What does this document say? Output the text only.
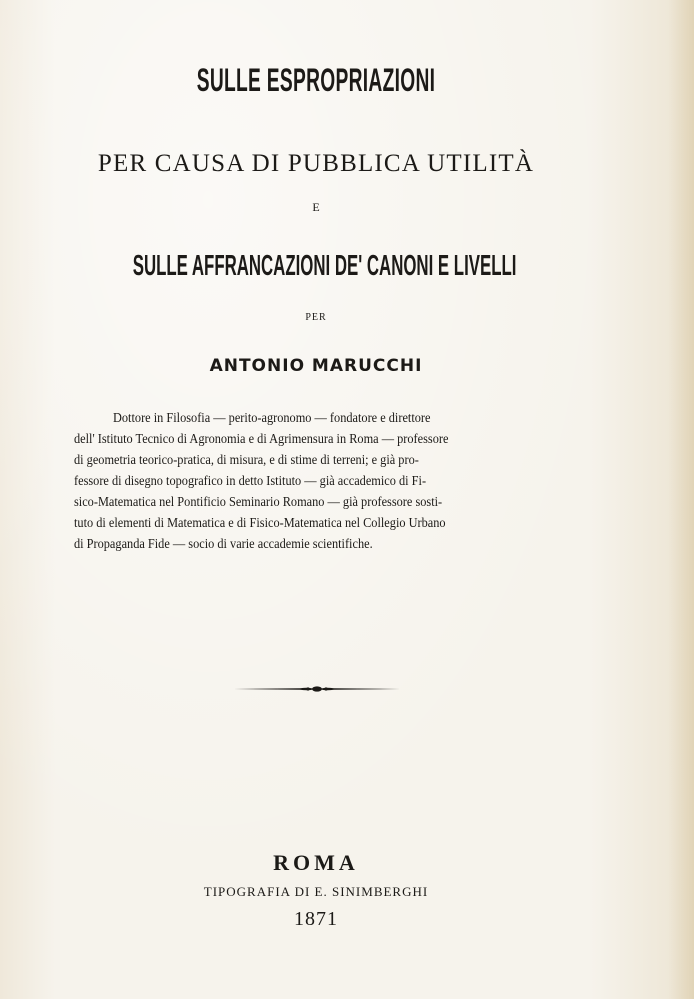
SULLE ESPROPRIAZIONI
PER CAUSA DI PUBBLICA UTILITÀ
E
SULLE AFFRANCAZIONI DE' CANONI E LIVELLI
PER
ANTONIO MARUCCHI
Dottore in Filosofia — perito-agronomo — fondatore e direttore
dell' Istituto Tecnico di Agronomia e di Agrimensura in Roma — professore
di geometria teorico-pratica, di misura, e di stime di terreni; e già pro-
fessore di disegno topografico in detto Istituto — già accademico di Fi-
sico-Matematica nel Pontificio Seminario Romano — già professore sosti-
tuto di elementi di Matematica e di Fisico-Matematica nel Collegio Urbano
di Propaganda Fide — socio di varie accademie scientifiche.
ROMA
TIPOGRAFIA DI E. SINIMBERGHI
1871
